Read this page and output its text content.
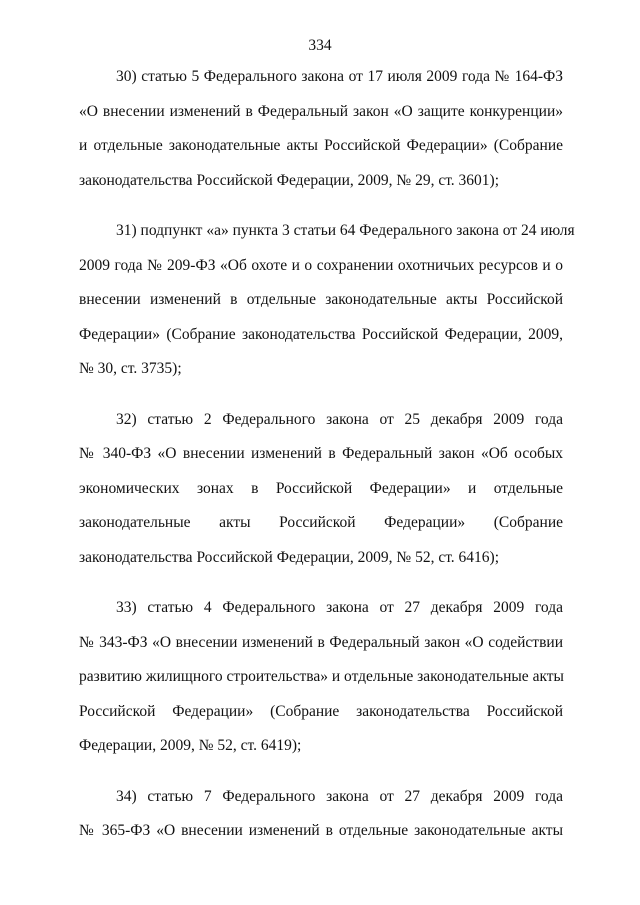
334

30) статью 5 Федерального закона от 17 июля 2009 года № 164-ФЗ
«О внесении изменений в Федеральный закон «О защите конкуренции»
и отдельные законодательные акты Российской Федерации» (Собрание
законодательства Российской Федерации, 2009, № 29, ст. 3601);

31) подпункт «а» пункта 3 статьи 64 Федерального закона от 24 июля
2009 года № 209-ФЗ «Об охоте и о сохранении охотничьих ресурсов и о
внесении изменений в отдельные законодательные акты Российской
Федерации» (Собрание законодательства Российской Федерации, 2009,
№ 30, ст. 3735);

32) статью 2 Федерального закона от 25 декабря 2009 года
№ 340-ФЗ «О внесении изменений в Федеральный закон «Об особых
экономических зонах в Российской Федерации» и отдельные
законодательные акты Российской Федерации» (Собрание
законодательства Российской Федерации, 2009, № 52, ст. 6416);

33) статью 4 Федерального закона от 27 декабря 2009 года
№ 343-ФЗ «О внесении изменений в Федеральный закон «О содействии
развитию жилищного строительства» и отдельные законодательные акты
Российской Федерации» (Собрание законодательства Российской
Федерации, 2009, № 52, ст. 6419);

34) статью 7 Федерального закона от 27 декабря 2009 года
№ 365-ФЗ «О внесении изменений в отдельные законодательные акты
